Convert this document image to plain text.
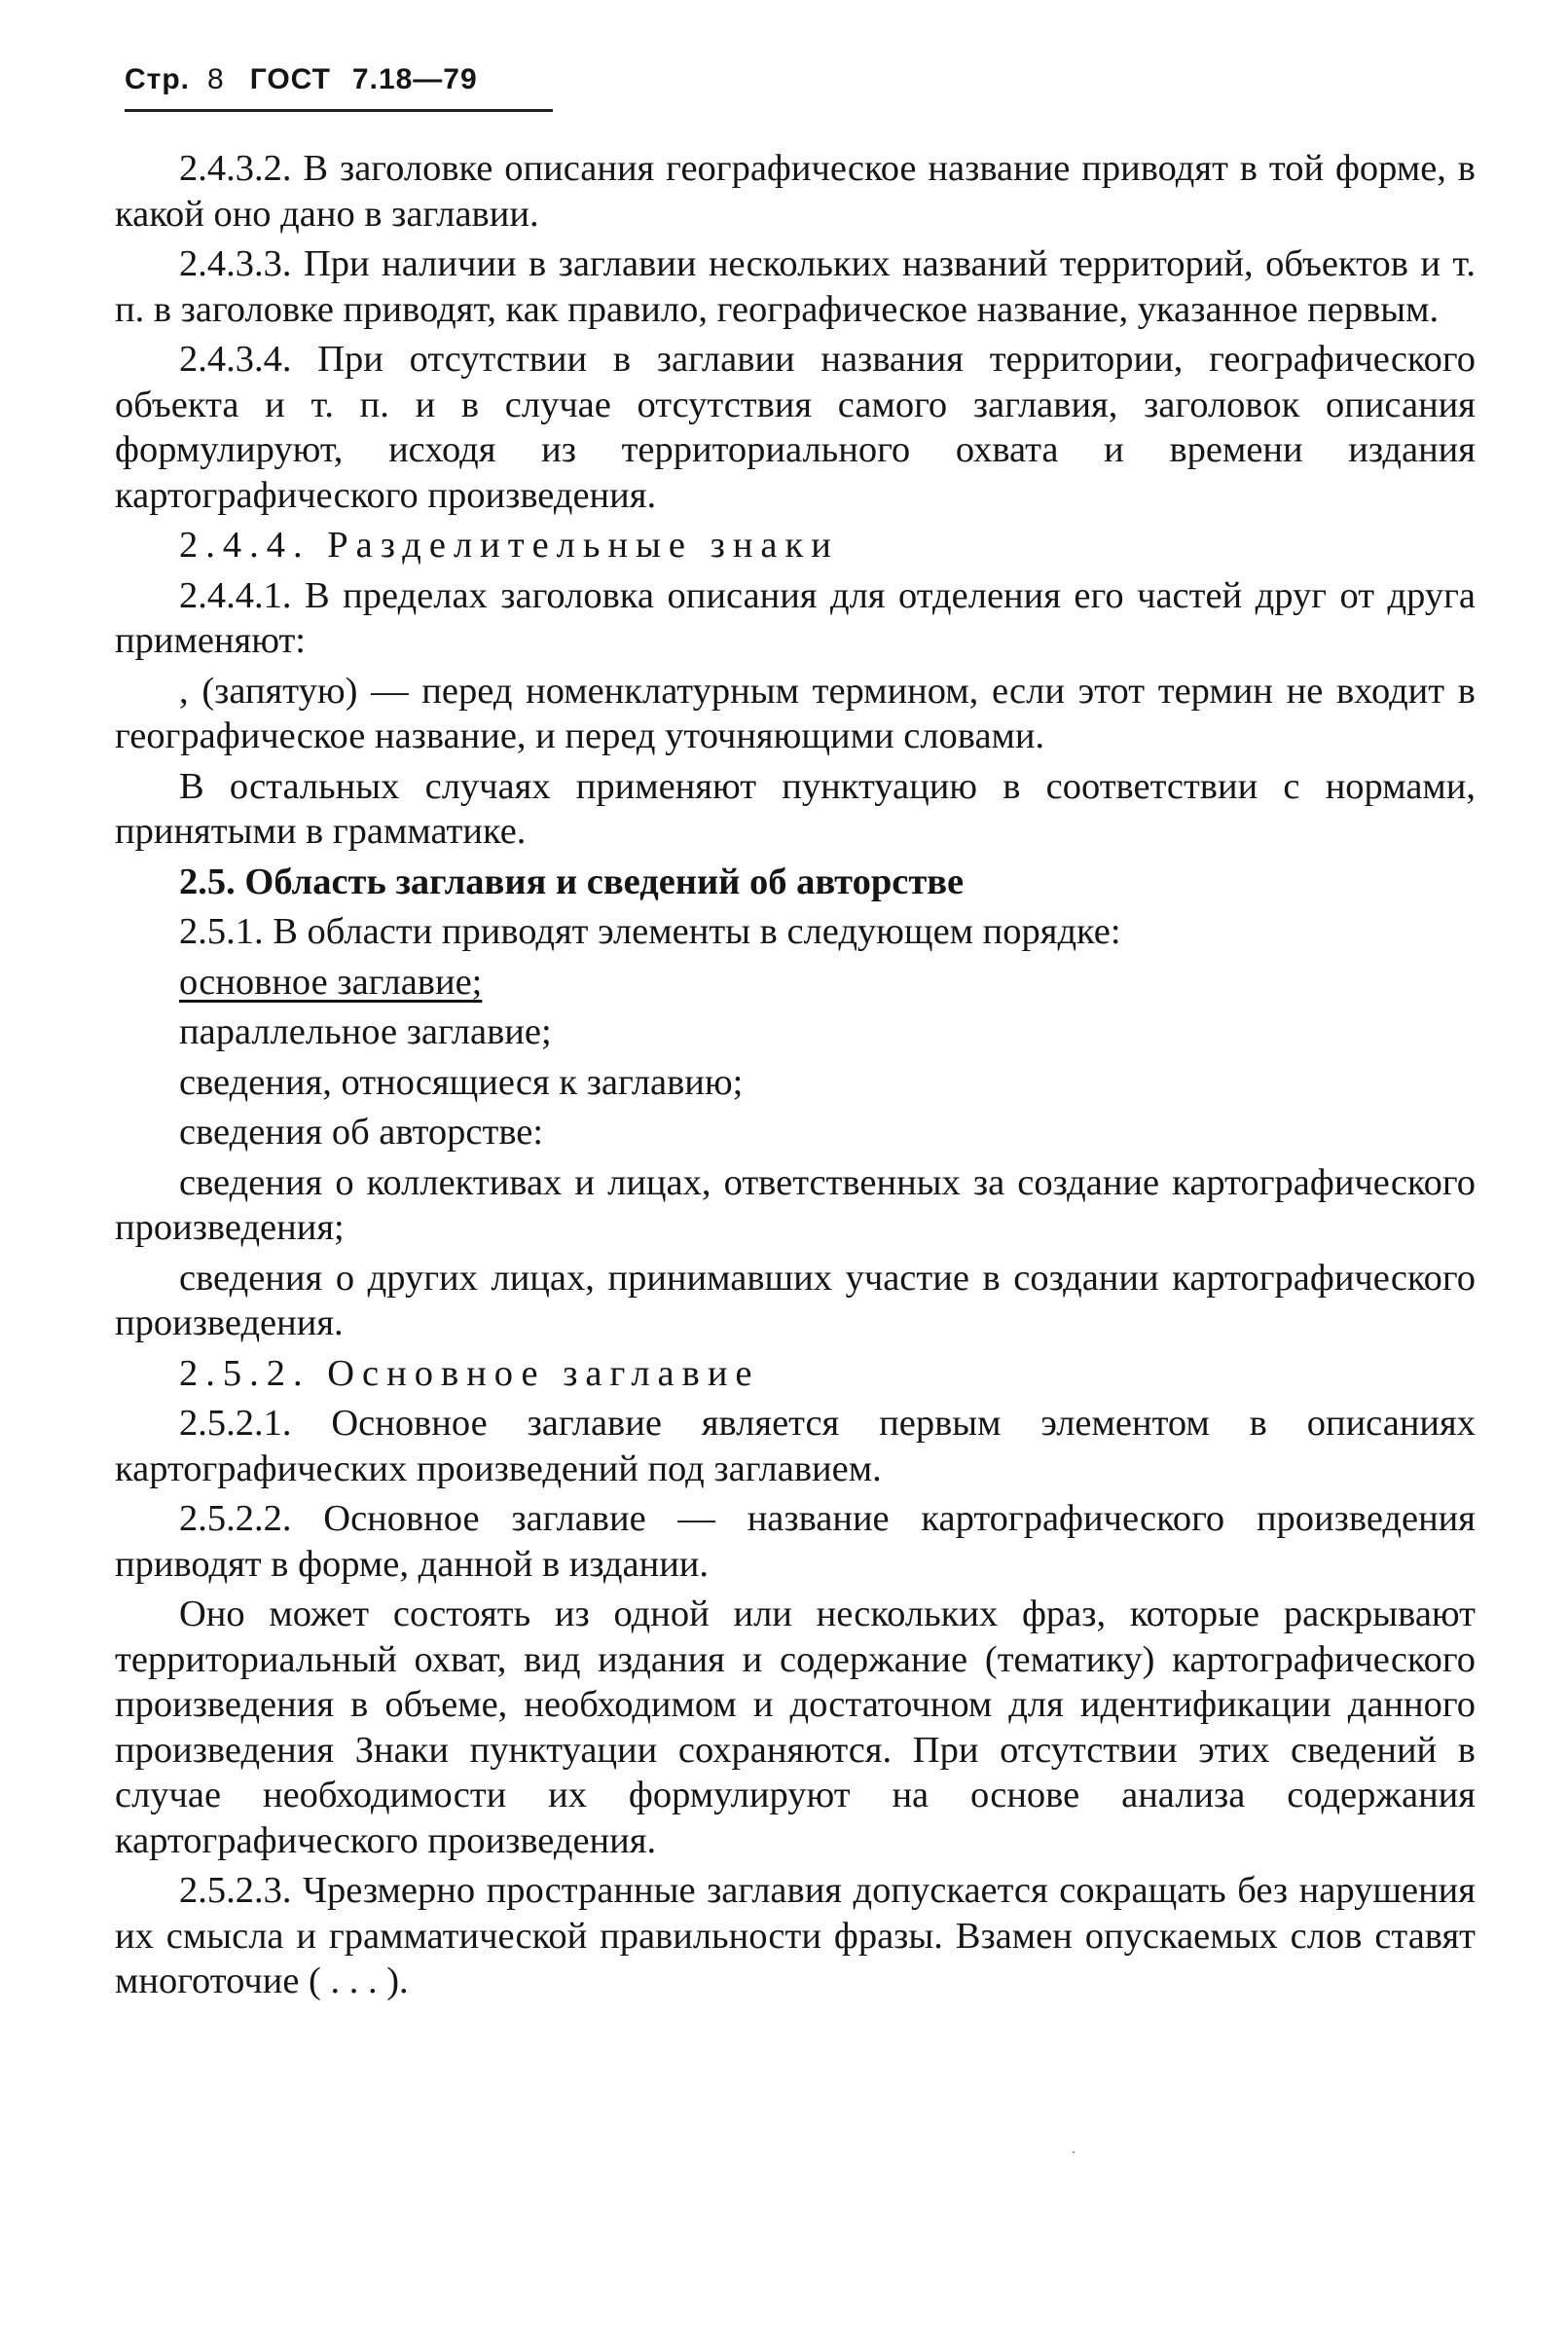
Стр. 8 ГОСТ 7.18—79

2.4.3.2. В заголовке описания географическое название приводят в той форме, в какой оно дано в заглавии.

2.4.3.3. При наличии в заглавии нескольких названий территорий, объектов и т. п. в заголовке приводят, как правило, географическое название, указанное первым.

2.4.3.4. При отсутствии в заглавии названия территории, географического объекта и т. п. и в случае отсутствия самого заглавия, заголовок описания формулируют, исходя из территориального охвата и времени издания картографического произведения.

2.4.4. Разделительные знаки

2.4.4.1. В пределах заголовка описания для отделения его частей друг от друга применяют:

, (запятую) — перед номенклатурным термином, если этот термин не входит в географическое название, и перед уточняющими словами.

В остальных случаях применяют пунктуацию в соответствии с нормами, принятыми в грамматике.

2.5. Область заглавия и сведений об авторстве

2.5.1. В области приводят элементы в следующем порядке:

основное заглавие;

параллельное заглавие;

сведения, относящиеся к заглавию;

сведения об авторстве:

сведения о коллективах и лицах, ответственных за создание картографического произведения;

сведения о других лицах, принимавших участие в создании картографического произведения.

2.5.2. Основное заглавие

2.5.2.1. Основное заглавие является первым элементом в описаниях картографических произведений под заглавием.

2.5.2.2. Основное заглавие — название картографического произведения приводят в форме, данной в издании.

Оно может состоять из одной или нескольких фраз, которые раскрывают территориальный охват, вид издания и содержание (тематику) картографического произведения в объеме, необходимом и достаточном для идентификации данного произведения Знаки пунктуации сохраняются. При отсутствии этих сведений в случае необходимости их формулируют на основе анализа содержания картографического произведения.

2.5.2.3. Чрезмерно пространные заглавия допускается сокращать без нарушения их смысла и грамматической правильности фразы. Взамен опускаемых слов ставят многоточие ( . . . ).
